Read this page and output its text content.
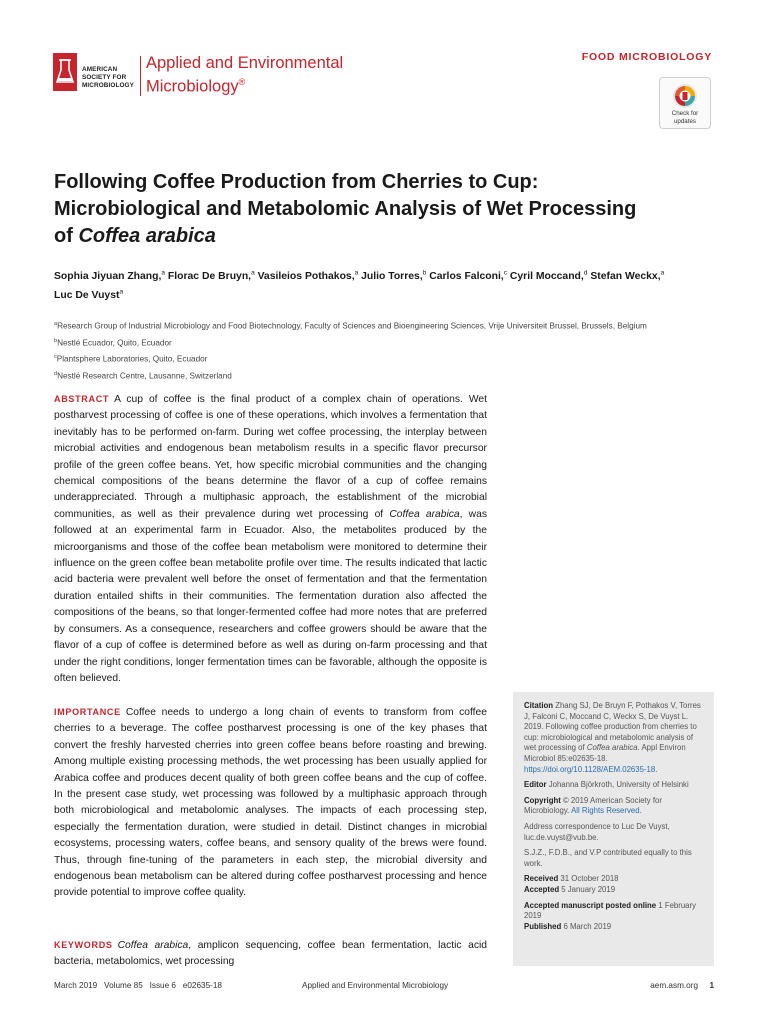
AMERICAN
SOCIETY FOR
MICROBIOLOGY
Applied and Environmental
Microbiology®
FOOD MICROBIOLOGY
Check for
updates
Following Coffee Production from Cherries to Cup:
Microbiological and Metabolomic Analysis of Wet Processing
of Coffea arabica
Sophia Jiyuan Zhang,$^a$ Florac De Bruyn,$^a$ Vasileios Pothakos,$^a$ Julio Torres,$^b$ Carlos Falconi,$^c$ Cyril Moccand,$^d$ Stefan Weckx,$^a$
Luc De Vuyst$^a$
$^a$Research Group of Industrial Microbiology and Food Biotechnology, Faculty of Sciences and Bioengineering Sciences, Vrije Universiteit Brussel, Brussels, Belgium
$^b$Nestlé Ecuador, Quito, Ecuador
$^c$Plantsphere Laboratories, Quito, Ecuador
$^d$Nestlé Research Centre, Lausanne, Switzerland
ABSTRACT A cup of coffee is the final product of a complex chain of operations. Wet postharvest processing of coffee is one of these operations, which involves a fermentation that inevitably has to be performed on-farm. During wet coffee processing, the interplay between microbial activities and endogenous bean metabolism results in a specific flavor precursor profile of the green coffee beans. Yet, how specific microbial communities and the changing chemical compositions of the beans determine the flavor of a cup of coffee remains underappreciated. Through a multiphasic approach, the establishment of the microbial communities, as well as their prevalence during wet processing of Coffea arabica, was followed at an experimental farm in Ecuador. Also, the metabolites produced by the microorganisms and those of the coffee bean metabolism were monitored to determine their influence on the green coffee bean metabolite profile over time. The results indicated that lactic acid bacteria were prevalent well before the onset of fermentation and that the fermentation duration entailed shifts in their communities. The fermentation duration also affected the compositions of the beans, so that longer-fermented coffee had more notes that are preferred by consumers. As a consequence, researchers and coffee growers should be aware that the flavor of a cup of coffee is determined before as well as during on-farm processing and that under the right conditions, longer fermentation times can be favorable, although the opposite is often believed.
IMPORTANCE Coffee needs to undergo a long chain of events to transform from coffee cherries to a beverage. The coffee postharvest processing is one of the key phases that convert the freshly harvested cherries into green coffee beans before roasting and brewing. Among multiple existing processing methods, the wet processing has been usually applied for Arabica coffee and produces decent quality of both green coffee beans and the cup of coffee. In the present case study, wet processing was followed by a multiphasic approach through both microbiological and metabolomic analyses. The impacts of each processing step, especially the fermentation duration, were studied in detail. Distinct changes in microbial ecosystems, processing waters, coffee beans, and sensory quality of the brews were found. Thus, through fine-tuning of the parameters in each step, the microbial diversity and endogenous bean metabolism can be altered during coffee postharvest processing and hence provide potential to improve coffee quality.
KEYWORDS Coffea arabica, amplicon sequencing, coffee bean fermentation, lactic acid bacteria, metabolomics, wet processing
Citation Zhang SJ, De Bruyn F, Pothakos V, Torres J, Falconi C, Moccand C, Weckx S, De Vuyst L. 2019. Following coffee production from cherries to cup: microbiological and metabolomic analysis of wet processing of Coffea arabica. Appl Environ Microbiol 85:e02635-18. https://doi.org/10.1128/AEM.02635-18.
Editor Johanna Björkroth, University of Helsinki
Copyright © 2019 American Society for Microbiology. All Rights Reserved.
Address correspondence to Luc De Vuyst, luc.de.vuyst@vub.be.
S.J.Z., F.D.B., and V.P contributed equally to this work.
Received 31 October 2018
Accepted 5 January 2019
Accepted manuscript posted online 1 February 2019
Published 6 March 2019
March 2019   Volume 85   Issue 6   e02635-18	Applied and Environmental Microbiology	aem.asm.org 1
